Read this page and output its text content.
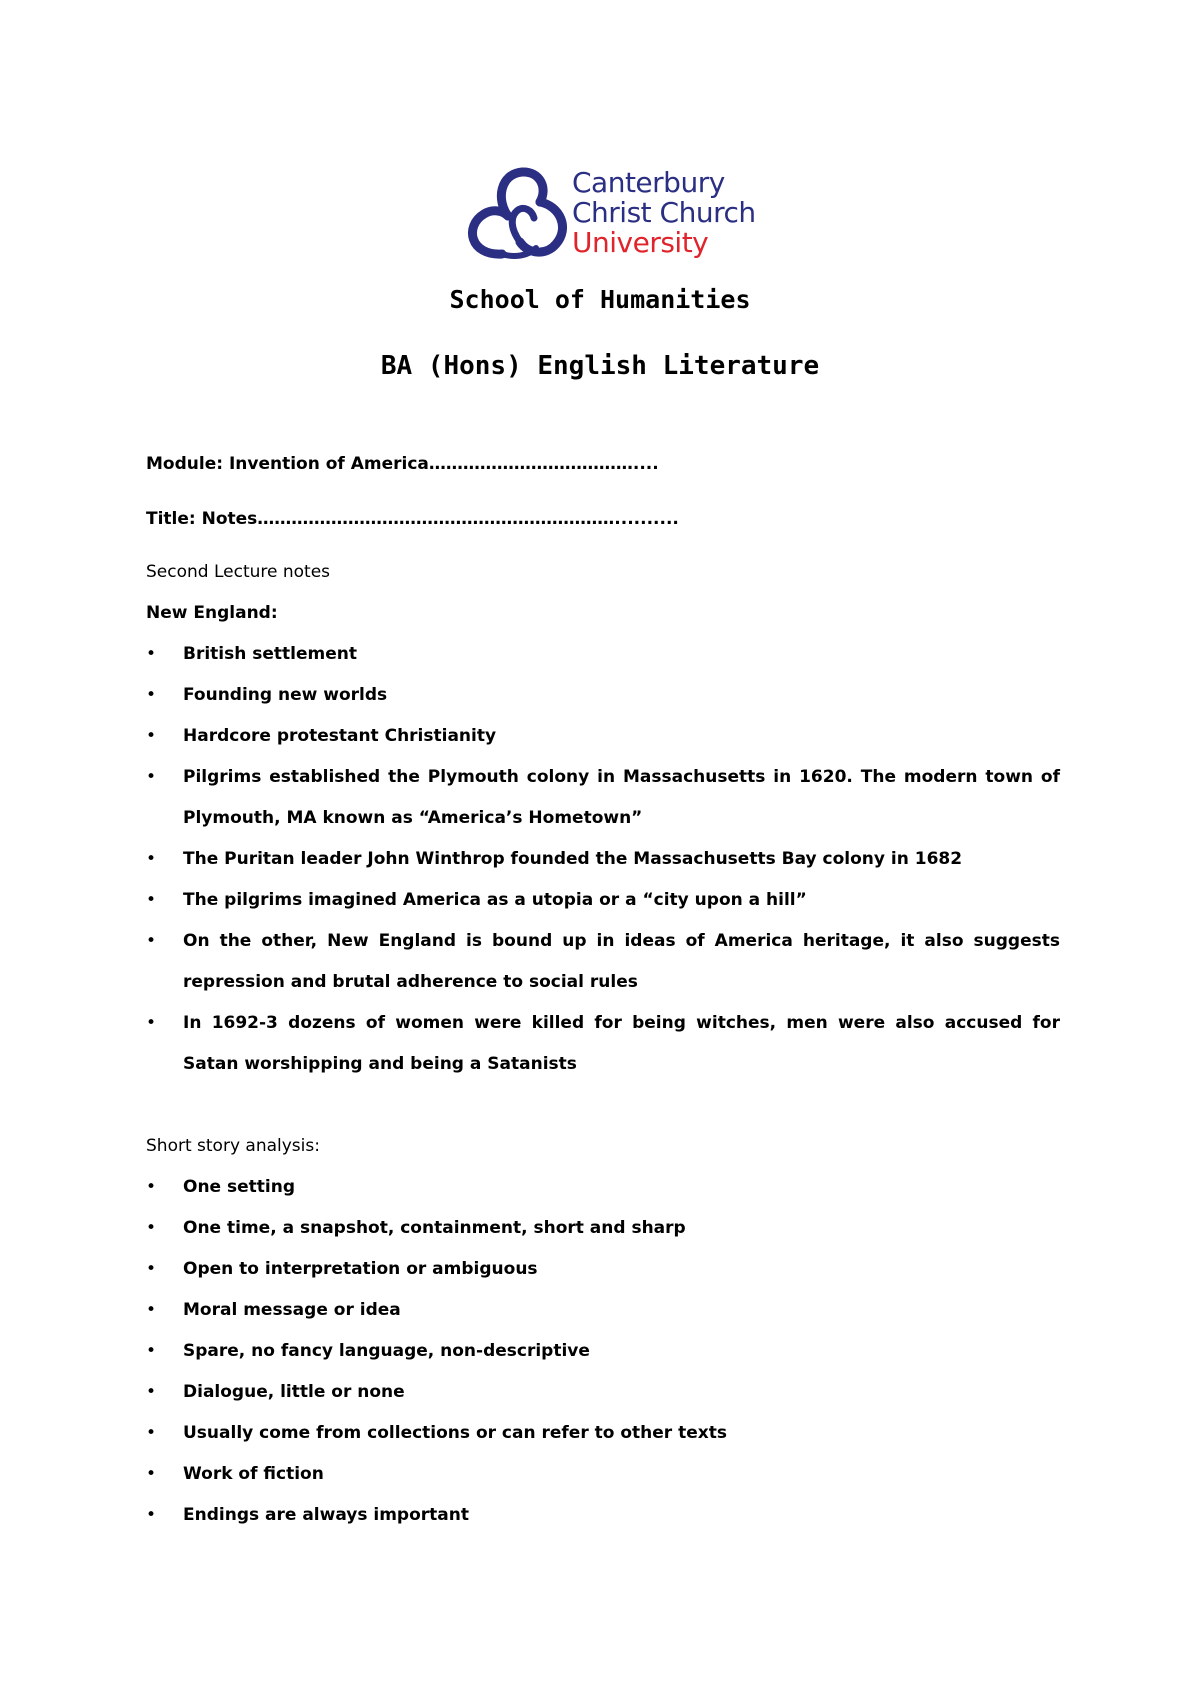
Canterbury
Christ Church
University
School of Humanities
BA (Hons) English Literature
Module: Invention of America………………………………....
Title: Notes………………………………………………………..........
Second Lecture notes
New England:
• British settlement
• Founding new worlds
• Hardcore protestant Christianity
• Pilgrims established the Plymouth colony in Massachusetts in 1620. The modern town of Plymouth, MA known as “America’s Hometown”
• The Puritan leader John Winthrop founded the Massachusetts Bay colony in 1682
• The pilgrims imagined America as a utopia or a “city upon a hill”
• On the other, New England is bound up in ideas of America heritage, it also suggests repression and brutal adherence to social rules
• In 1692-3 dozens of women were killed for being witches, men were also accused for Satan worshipping and being a Satanists
Short story analysis:
• One setting
• One time, a snapshot, containment, short and sharp
• Open to interpretation or ambiguous
• Moral message or idea
• Spare, no fancy language, non-descriptive
• Dialogue, little or none
• Usually come from collections or can refer to other texts
• Work of fiction
• Endings are always important
